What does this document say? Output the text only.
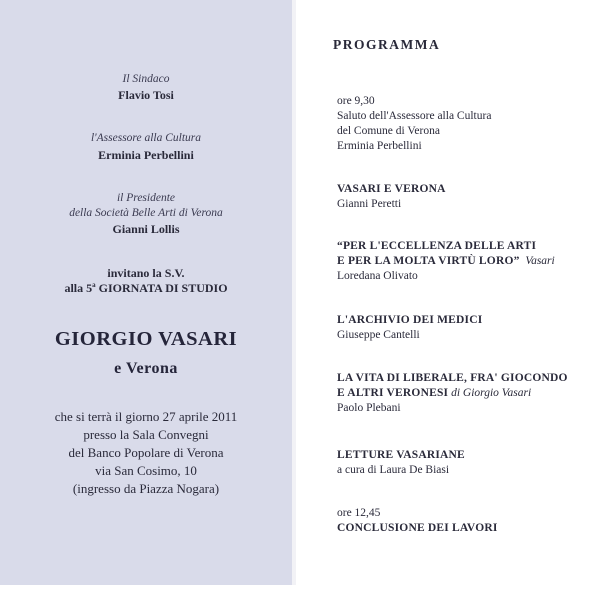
Il Sindaco
Flavio Tosi
l'Assessore alla Cultura
Erminia Perbellini
il Presidente
della Società Belle Arti di Verona
Gianni Lollis
invitano la S.V.
alla 5$^a$ GIORNATA DI STUDIO
GIORGIO VASARI
e Verona
che si terrà il giorno 27 aprile 2011
presso la Sala Convegni
del Banco Popolare di Verona
via San Cosimo, 10
(ingresso da Piazza Nogara)
PROGRAMMA
ore 9,30
Saluto dell'Assessore alla Cultura
del Comune di Verona
Erminia Perbellini
VASARI E VERONA
Gianni Peretti
“PER L'ECCELLENZA DELLE ARTI
E PER LA MOLTA VIRTÙ LORO” Vasari
Loredana Olivato
L'ARCHIVIO DEI MEDICI
Giuseppe Cantelli
LA VITA DI LIBERALE, FRA' GIOCONDO
E ALTRI VERONESI di Giorgio Vasari
Paolo Plebani
LETTURE VASARIANE
a cura di Laura De Biasi
ore 12,45
CONCLUSIONE DEI LAVORI
